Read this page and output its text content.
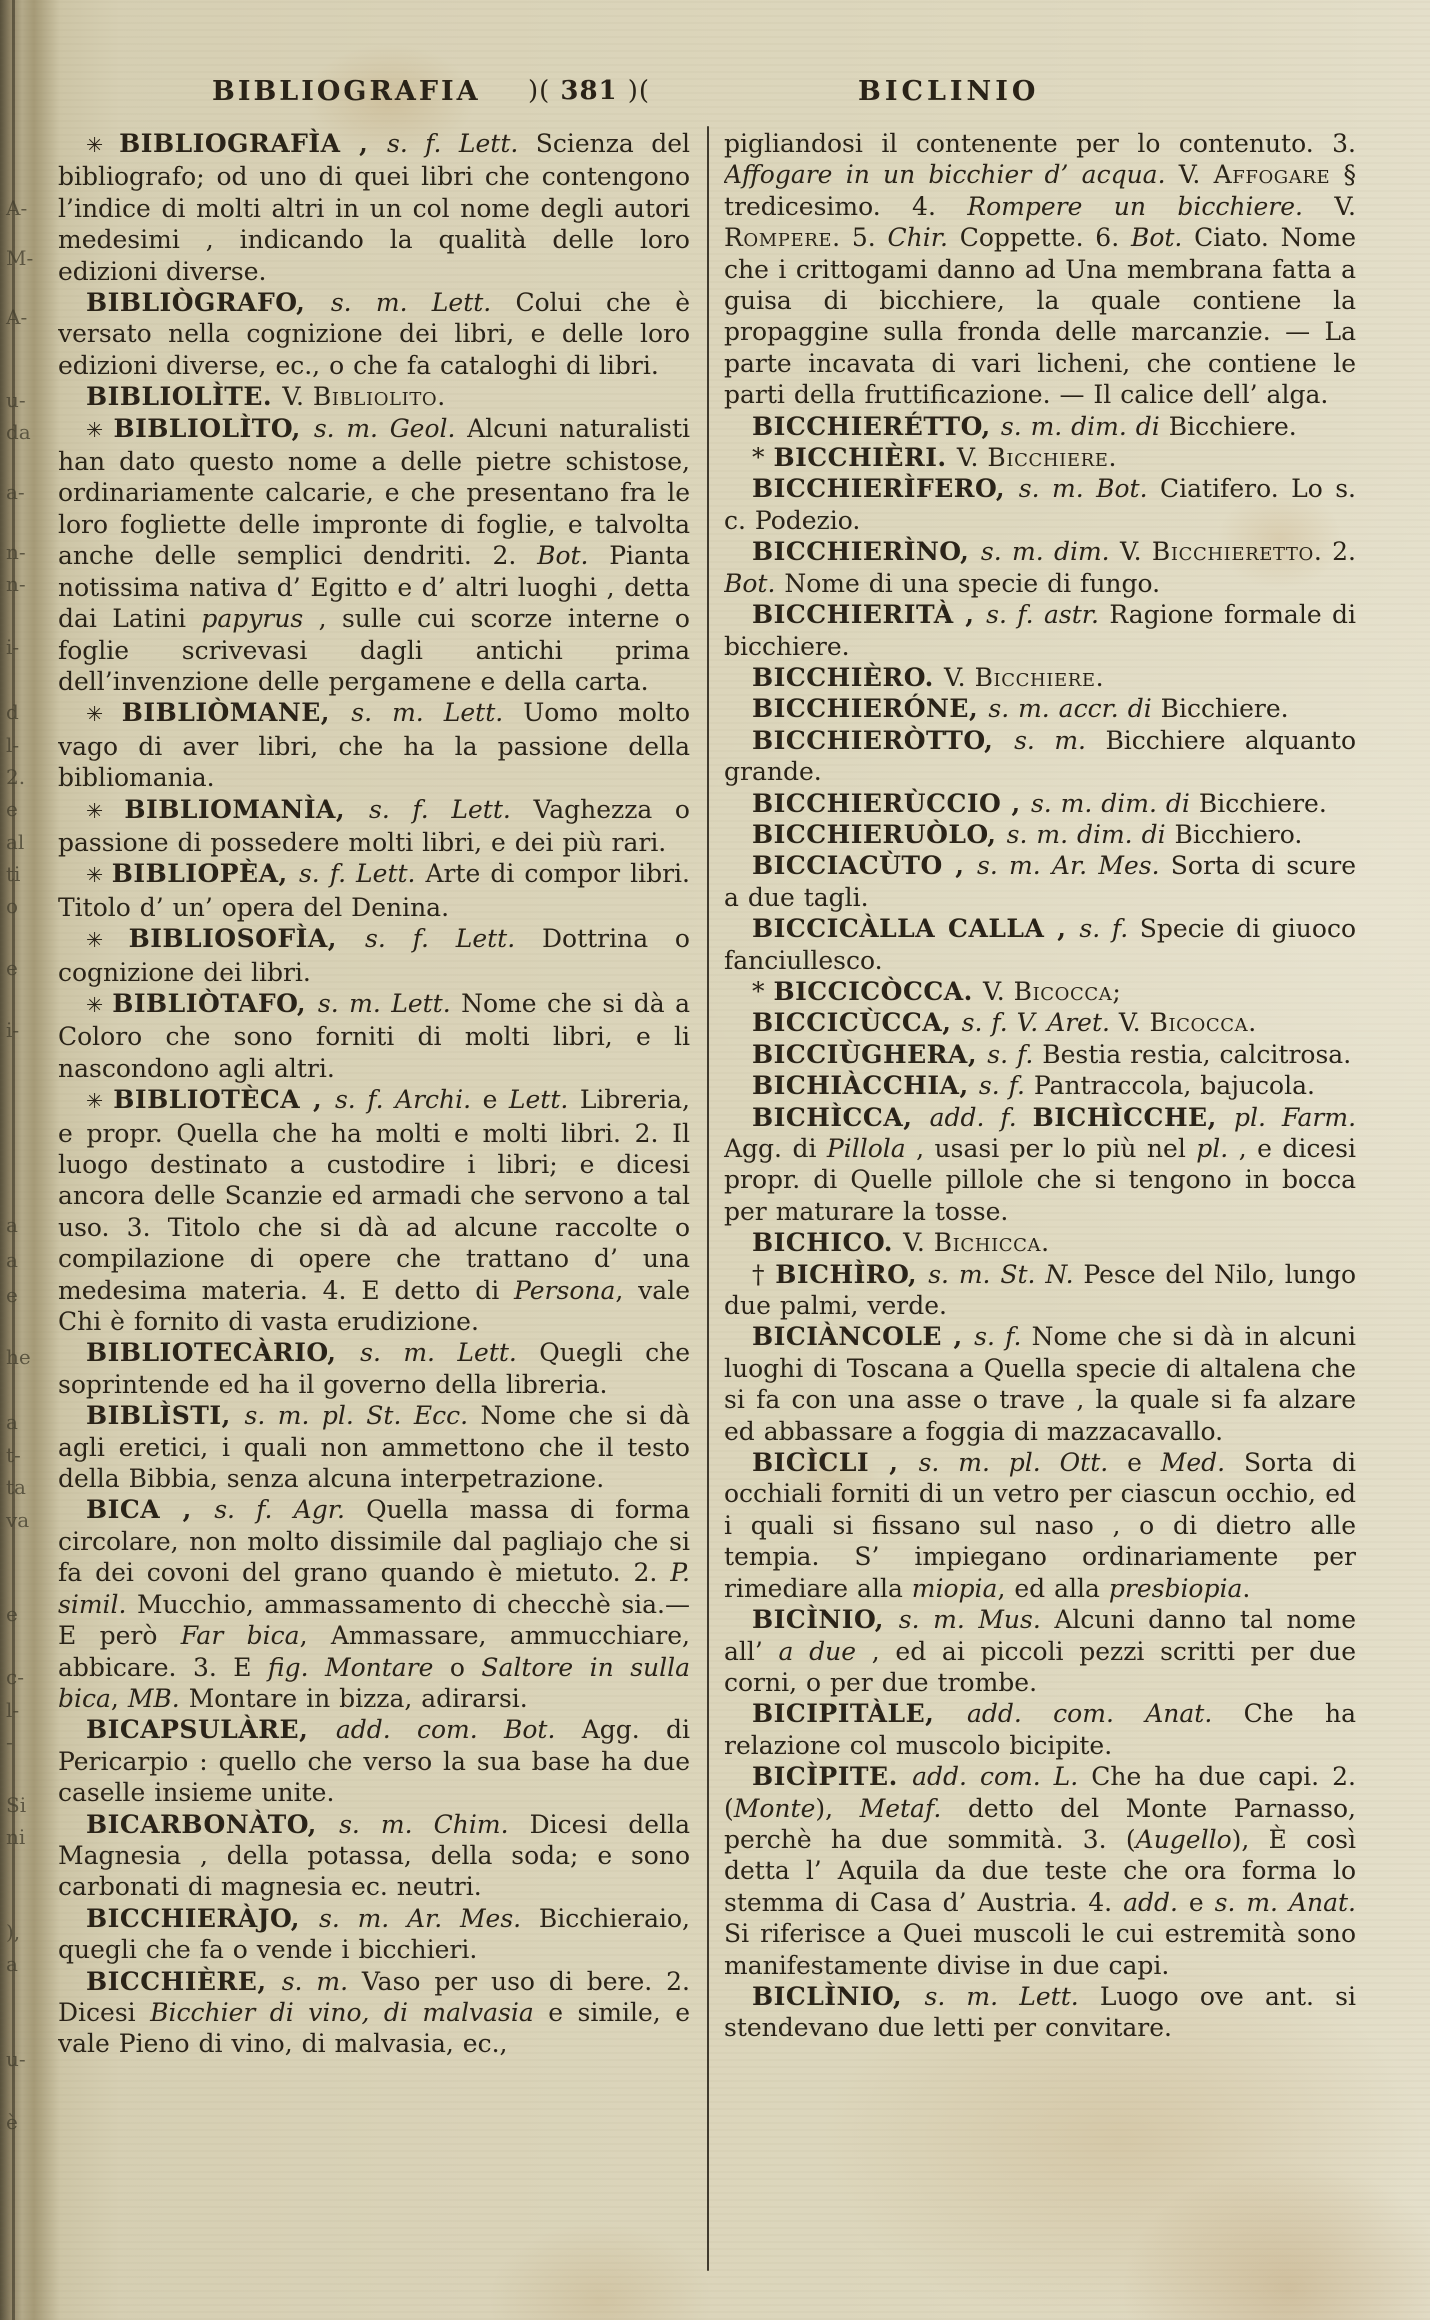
BIBLIOGRAFIA )( 381 )(	BICLINIO

✳ BIBLIOGRAFÌA , s. f. Lett. Scienza del bibliografo; od uno di quei libri che contengono l’indice di molti altri in un col nome degli autori medesimi , indicando la qualità delle loro edizioni diverse.

BIBLIÒGRAFO, s. m. Lett. Colui che è versato nella cognizione dei libri, e delle loro edizioni diverse, ec., o che fa cataloghi di libri.

BIBLIOLÌTE. V. Bibliolito.

✳ BIBLIOLÌTO, s. m. Geol. Alcuni naturalisti han dato questo nome a delle pietre schistose, ordinariamente calcarie, e che presentano fra le loro fogliette delle impronte di foglie, e talvolta anche delle semplici dendriti. 2. Bot. Pianta notissima nativa d’ Egitto e d’ altri luoghi , detta dai Latini papyrus , sulle cui scorze interne o foglie scrivevasi dagli antichi prima dell’invenzione delle pergamene e della carta.

✳ BIBLIÒMANE, s. m. Lett. Uomo molto vago di aver libri, che ha la passione della bibliomania.

✳ BIBLIOMANÌA, s. f. Lett. Vaghezza o passione di possedere molti libri, e dei più rari.

✳ BIBLIOPÈA, s. f. Lett. Arte di compor libri. Titolo d’ un’ opera del Denina.

✳ BIBLIOSOFÌA, s. f. Lett. Dottrina o cognizione dei libri.

✳ BIBLIÒTAFO, s. m. Lett. Nome che si dà a Coloro che sono forniti di molti libri, e li nascondono agli altri.

✳ BIBLIOTÈCA , s. f. Archi. e Lett. Libreria, e propr. Quella che ha molti e molti libri. 2. Il luogo destinato a custodire i libri; e dicesi ancora delle Scanzie ed armadi che servono a tal uso. 3. Titolo che si dà ad alcune raccolte o compilazione di opere che trattano d’ una medesima materia. 4. E detto di Persona, vale Chi è fornito di vasta erudizione.

BIBLIOTECÀRIO, s. m. Lett. Quegli che soprintende ed ha il governo della libreria.

BIBLÌSTI, s. m. pl. St. Ecc. Nome che si dà agli eretici, i quali non ammettono che il testo della Bibbia, senza alcuna interpetrazione.

BICA , s. f. Agr. Quella massa di forma circolare, non molto dissimile dal pagliajo che si fa dei covoni del grano quando è mietuto. 2. P. simil. Mucchio, ammassamento di checchè sia.— E però Far bica, Ammassare, ammucchiare, abbicare. 3. E fig. Montare o Saltore in sulla bica, MB. Montare in bizza, adirarsi.

BICAPSULÀRE, add. com. Bot. Agg. di Pericarpio : quello che verso la sua base ha due caselle insieme unite.

BICARBONÀTO, s. m. Chim. Dicesi della Magnesia , della potassa, della soda; e sono carbonati di magnesia ec. neutri.

BICCHIERÀJO, s. m. Ar. Mes. Bicchieraio, quegli che fa o vende i bicchieri.

BICCHIÈRE, s. m. Vaso per uso di bere. 2. Dicesi Bicchier di vino, di malvasia e simile, e vale Pieno di vino, di malvasia, ec.,

pigliandosi il contenente per lo contenuto. 3. Affogare in un bicchier d’ acqua. V. Affogare § tredicesimo. 4. Rompere un bicchiere. V. Rompere. 5. Chir. Coppette. 6. Bot. Ciato. Nome che i crittogami danno ad Una membrana fatta a guisa di bicchiere, la quale contiene la propaggine sulla fronda delle marcanzie. — La parte incavata di vari licheni, che contiene le parti della fruttificazione. — Il calice dell’ alga.

BICCHIERÉTTO, s. m. dim. di Bicchiere.

* BICCHIÈRI. V. Bicchiere.

BICCHIERÌFERO, s. m. Bot. Ciatifero. Lo s. c. Podezio.

BICCHIERÌNO, s. m. dim. V. Bicchieretto. 2. Bot. Nome di una specie di fungo.

BICCHIERITÀ , s. f. astr. Ragione formale di bicchiere.

BICCHIÈRO. V. Bicchiere.

BICCHIERÓNE, s. m. accr. di Bicchiere.

BICCHIERÒTTO, s. m. Bicchiere alquanto grande.

BICCHIERÙCCIO , s. m. dim. di Bicchiere.

BICCHIERUÒLO, s. m. dim. di Bicchiero.

BICCIACÙTO , s. m. Ar. Mes. Sorta di scure a due tagli.

BICCICÀLLA CALLA , s. f. Specie di giuoco fanciullesco.

* BICCICÒCCA. V. Bicocca;

BICCICÙCCA, s. f. V. Aret. V. Bicocca.

BICCIÙGHERA, s. f. Bestia restia, calcitrosa.

BICHIÀCCHIA, s. f. Pantraccola, bajucola.

BICHÌCCA, add. f. BICHÌCCHE, pl. Farm. Agg. di Pillola , usasi per lo più nel pl. , e dicesi propr. di Quelle pillole che si tengono in bocca per maturare la tosse.

BICHICO. V. Bichicca.

† BICHÌRO, s. m. St. N. Pesce del Nilo, lungo due palmi, verde.

BICIÀNCOLE , s. f. Nome che si dà in alcuni luoghi di Toscana a Quella specie di altalena che si fa con una asse o trave , la quale si fa alzare ed abbassare a foggia di mazzacavallo.

BICÌCLI , s. m. pl. Ott. e Med. Sorta di occhiali forniti di un vetro per ciascun occhio, ed i quali si fissano sul naso , o di dietro alle tempia. S’ impiegano ordinariamente per rimediare alla miopia, ed alla presbiopia.

BICÌNIO, s. m. Mus. Alcuni danno tal nome all’ a due , ed ai piccoli pezzi scritti per due corni, o per due trombe.

BICIPITÀLE, add. com. Anat. Che ha relazione col muscolo bicipite.

BICÌPITE. add. com. L. Che ha due capi. 2. (Monte), Metaf. detto del Monte Parnasso, perchè ha due sommità. 3. (Augello), È così detta l’ Aquila da due teste che ora forma lo stemma di Casa d’ Austria. 4. add. e s. m. Anat. Si riferisce a Quei muscoli le cui estremità sono manifestamente divise in due capi.

BICLÌNIO, s. m. Lett. Luogo ove ant. si stendevano due letti per convitare.

A-
M-
A-
u-
da
a-
n-
n-
i-
d
l-
2.
e
al
ti
o
e
i-
a
a
e
he
a
t-
ta
va
e
c-
l-
-
Si
ni
),
a
u-
è
